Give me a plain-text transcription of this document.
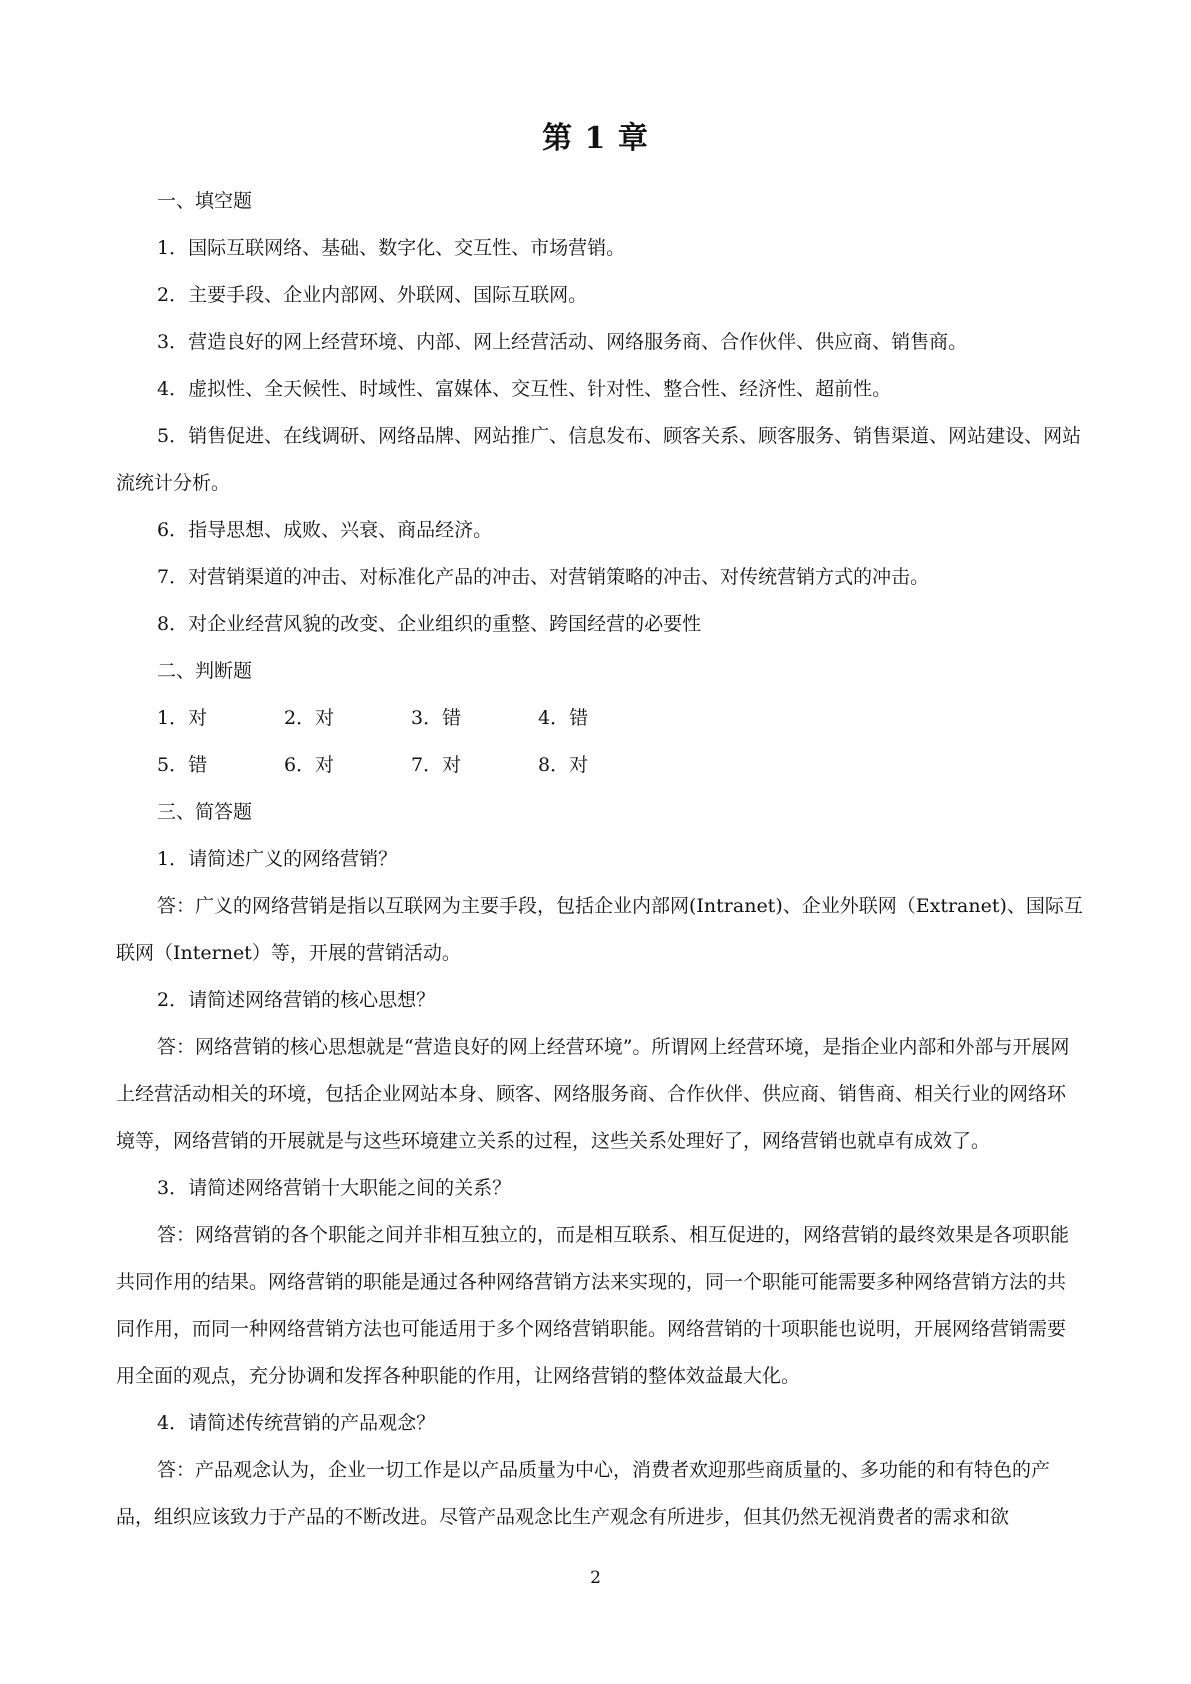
第 1 章

一、填空题

1．国际互联网络、基础、数字化、交互性、市场营销。

2．主要手段、企业内部网、外联网、国际互联网。

3．营造良好的网上经营环境、内部、网上经营活动、网络服务商、合作伙伴、供应商、销售商。

4．虚拟性、全天候性、时域性、富媒体、交互性、针对性、整合性、经济性、超前性。

5．销售促进、在线调研、网络品牌、网站推广、信息发布、顾客关系、顾客服务、销售渠道、网站建设、网站流统计分析。

6．指导思想、成败、兴衰、商品经济。

7．对营销渠道的冲击、对标准化产品的冲击、对营销策略的冲击、对传统营销方式的冲击。

8．对企业经营风貌的改变、企业组织的重整、跨国经营的必要性

二、判断题

1．对	2．对	3．错	4．错
5．错	6．对	7．对	8．对

三、简答题

1．请简述广义的网络营销？

答：广义的网络营销是指以互联网为主要手段，包括企业内部网(Intranet)、企业外联网（Extranet)、国际互联网（Internet）等，开展的营销活动。

2．请简述网络营销的核心思想？

答：网络营销的核心思想就是“营造良好的网上经营环境”。所谓网上经营环境，是指企业内部和外部与开展网上经营活动相关的环境，包括企业网站本身、顾客、网络服务商、合作伙伴、供应商、销售商、相关行业的网络环境等，网络营销的开展就是与这些环境建立关系的过程，这些关系处理好了，网络营销也就卓有成效了。

3．请简述网络营销十大职能之间的关系？

答：网络营销的各个职能之间并非相互独立的，而是相互联系、相互促进的，网络营销的最终效果是各项职能共同作用的结果。网络营销的职能是通过各种网络营销方法来实现的，同一个职能可能需要多种网络营销方法的共同作用，而同一种网络营销方法也可能适用于多个网络营销职能。网络营销的十项职能也说明，开展网络营销需要用全面的观点，充分协调和发挥各种职能的作用，让网络营销的整体效益最大化。

4．请简述传统营销的产品观念？

答：产品观念认为，企业一切工作是以产品质量为中心，消费者欢迎那些商质量的、多功能的和有特色的产品，组织应该致力于产品的不断改进。尽管产品观念比生产观念有所进步，但其仍然无视消费者的需求和欲

2
